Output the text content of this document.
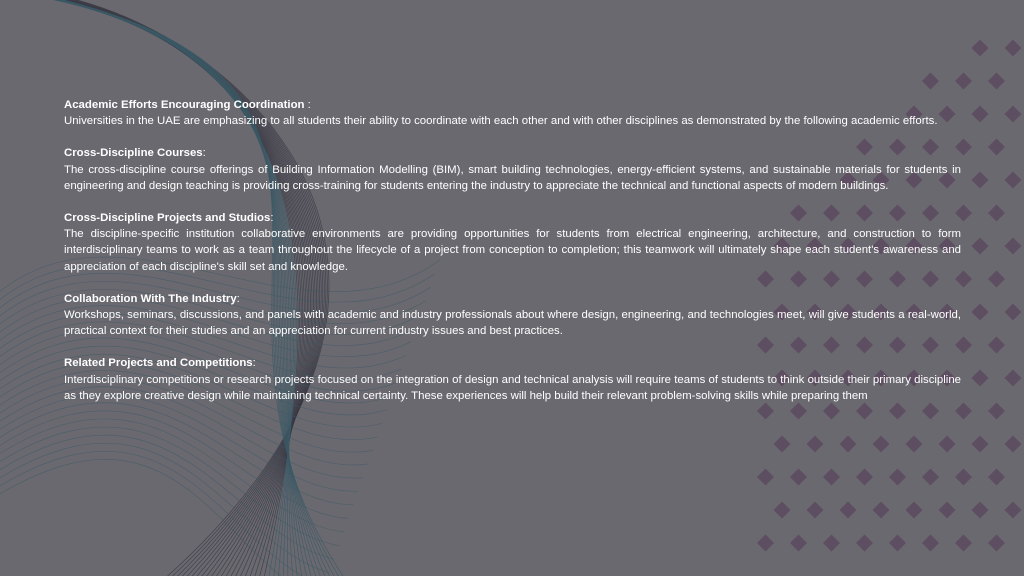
Academic Efforts Encouraging Coordination :
Universities in the UAE are emphasizing to all students their ability to coordinate with each other and with other disciplines as demonstrated by the following academic efforts.
Cross-Discipline Courses:
The cross-discipline course offerings of Building Information Modelling (BIM), smart building technologies, energy-efficient systems, and sustainable materials for students in engineering and design teaching is providing cross-training for students entering the industry to appreciate the technical and functional aspects of modern buildings.
Cross-Discipline Projects and Studios:
The discipline-specific institution collaborative environments are providing opportunities for students from electrical engineering, architecture, and construction to form interdisciplinary teams to work as a team throughout the lifecycle of a project from conception to completion; this teamwork will ultimately shape each student's awareness and appreciation of each discipline's skill set and knowledge.
Collaboration With The Industry:
Workshops, seminars, discussions, and panels with academic and industry professionals about where design, engineering, and technologies meet, will give students a real-world, practical context for their studies and an appreciation for current industry issues and best practices.
Related Projects and Competitions:
Interdisciplinary competitions or research projects focused on the integration of design and technical analysis will require teams of students to think outside their primary discipline as they explore creative design while maintaining technical certainty. These experiences will help build their relevant problem-solving skills while preparing them
